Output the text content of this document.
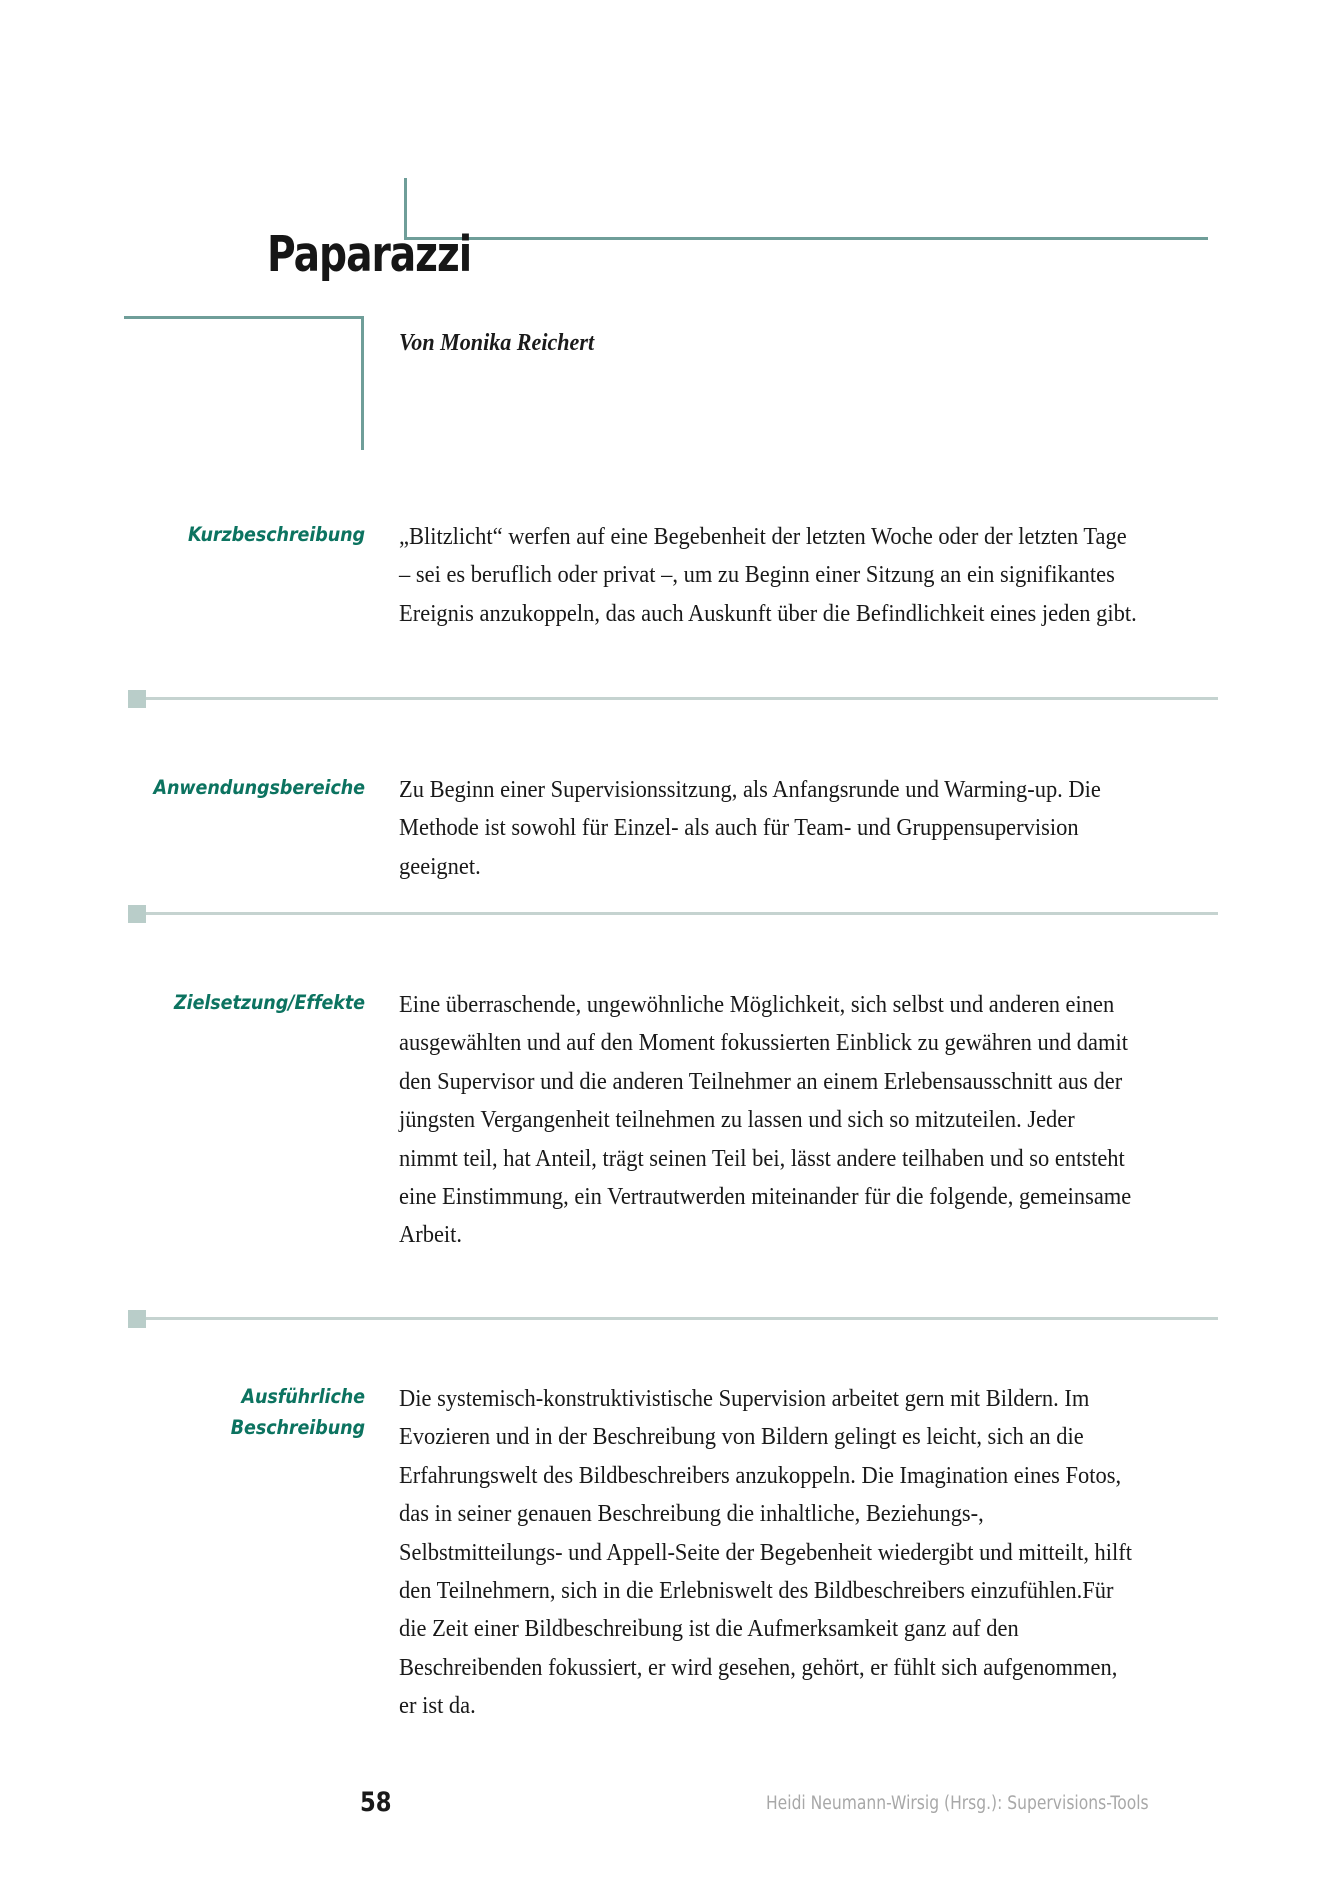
Paparazzi
Von Monika Reichert
Kurzbeschreibung „Blitzlicht“ werfen auf eine Begebenheit der letzten Woche oder der letzten Tage – sei es beruflich oder privat –, um zu Beginn einer Sitzung an ein signifikantes Ereignis anzukoppeln, das auch Auskunft über die Befindlichkeit eines jeden gibt.

Anwendungsbereiche Zu Beginn einer Supervisionssitzung, als Anfangsrunde und Warming-up. Die Methode ist sowohl für Einzel- als auch für Team- und Gruppensupervision geeignet.

Zielsetzung/Effekte Eine überraschende, ungewöhnliche Möglichkeit, sich selbst und anderen einen ausgewählten und auf den Moment fokussierten Einblick zu gewähren und damit den Supervisor und die anderen Teilnehmer an einem Erlebensausschnitt aus der jüngsten Vergangenheit teilnehmen zu lassen und sich so mitzuteilen. Jeder nimmt teil, hat Anteil, trägt seinen Teil bei, lässt andere teilhaben und so entsteht eine Einstimmung, ein Vertrautwerden miteinander für die folgende, gemeinsame Arbeit.

Ausführliche
Beschreibung

Die systemisch-konstruktivistische Supervision arbeitet gern mit Bildern. Im Evozieren und in der Beschreibung von Bildern gelingt es leicht, sich an die Erfahrungswelt des Bildbeschreibers anzukoppeln. Die Imagination eines Fotos, das in seiner genauen Beschreibung die inhaltliche, Beziehungs-, Selbstmitteilungs- und Appell-Seite der Begebenheit wiedergibt und mitteilt, hilft den Teilnehmern, sich in die Erlebniswelt des Bildbeschreibers einzufühlen.Für die Zeit einer Bildbeschreibung ist die Aufmerksamkeit ganz auf den Beschreibenden fokussiert, er wird gesehen, gehört, er fühlt sich aufgenommen, er ist da.

58	Heidi Neumann-Wirsig (Hrsg.): Supervisions-Tools
